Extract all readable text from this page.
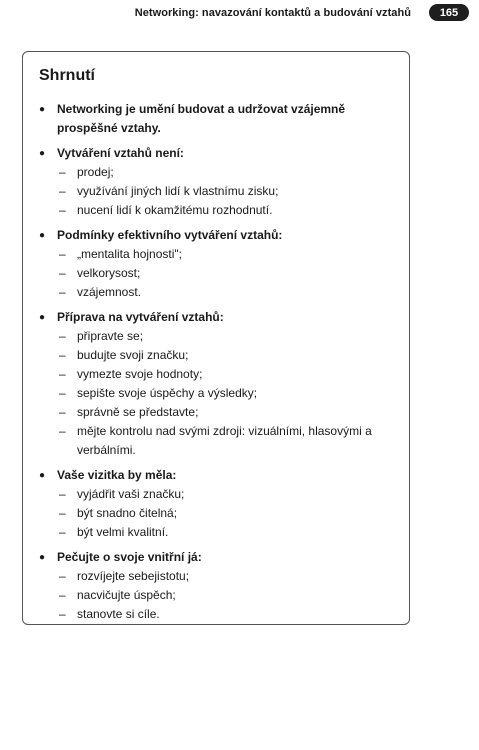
Networking: navazování kontaktů a budování vztahů	165
Shrnutí
● Networking je umění budovat a udržovat vzájemně prospěšné vztahy.
● Vytváření vztahů není:
– prodej;
– využívání jiných lidí k vlastnímu zisku;
– nucení lidí k okamžitému rozhodnutí.
● Podmínky efektivního vytváření vztahů:
– „mentalita hojnosti";
– velkorysost;
– vzájemnost.
● Příprava na vytváření vztahů:
– připravte se;
– budujte svoji značku;
– vymezte svoje hodnoty;
– sepište svoje úspěchy a výsledky;
– správně se představte;
– mějte kontrolu nad svými zdroji: vizuálními, hlasovými a verbálními.
● Vaše vizitka by měla:
– vyjádřit vaši značku;
– být snadno čitelná;
– být velmi kvalitní.
● Pečujte o svoje vnitřní já:
– rozvíjejte sebejistotu;
– nacvičujte úspěch;
– stanovte si cíle.
